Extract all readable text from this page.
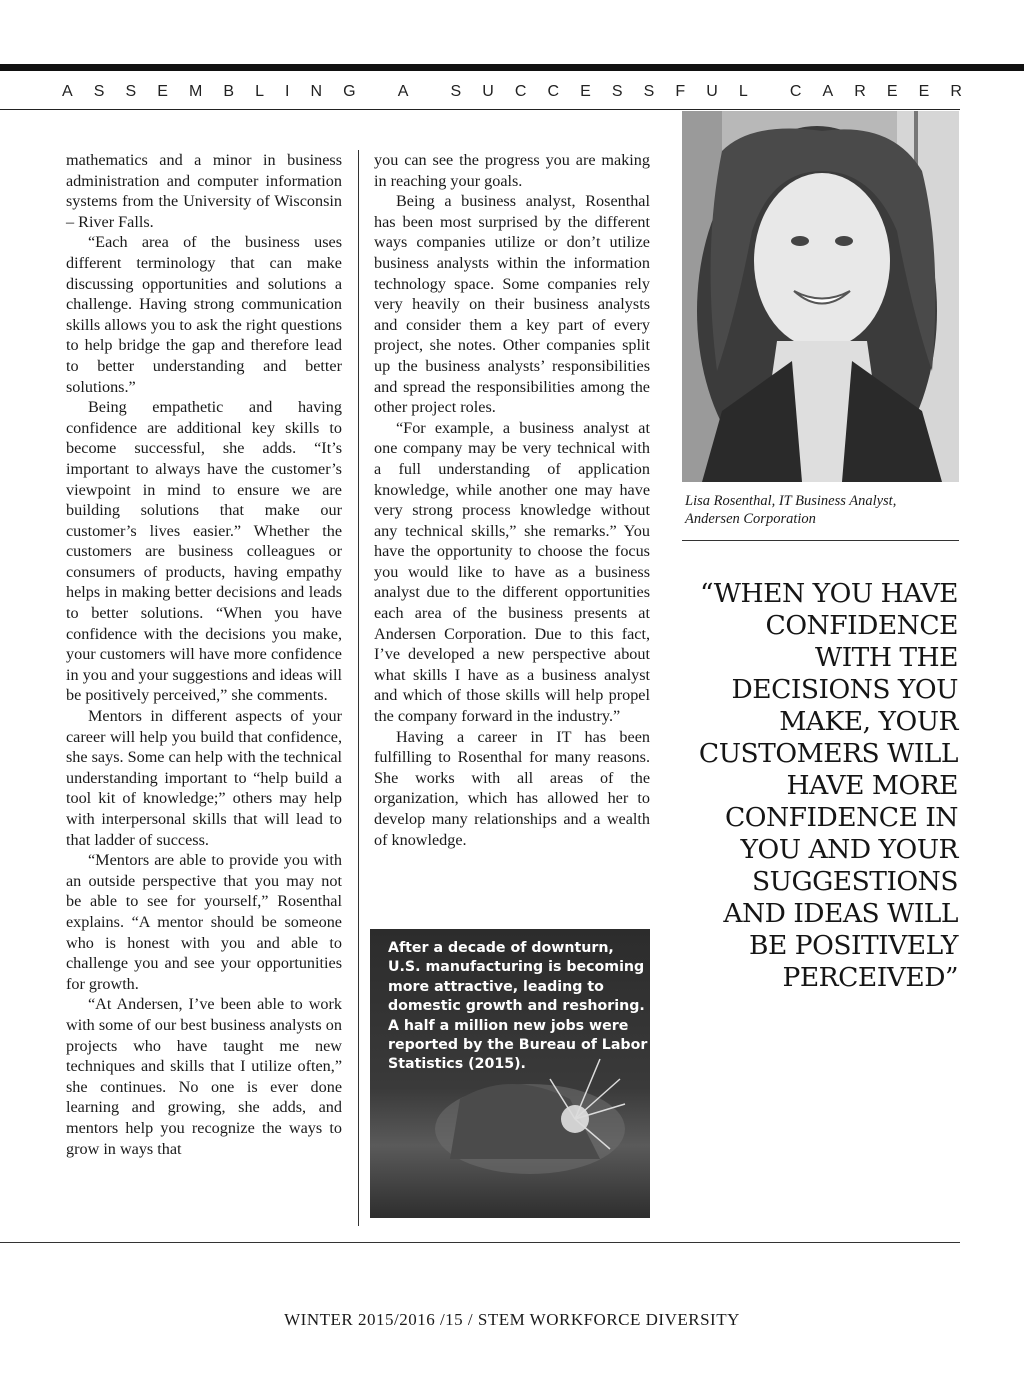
A S S E M B L I N G	A	S U C C E S S F U L	C A R E E R

mathematics and a minor in business administration and computer information systems from the University of Wisconsin – River Falls.

“Each area of the business uses different terminology that can make discussing opportunities and solutions a challenge. Having strong communication skills allows you to ask the right questions to help bridge the gap and therefore lead to better understanding and better solutions.”

Being empathetic and having confidence are additional key skills to become successful, she adds. “It’s important to always have the customer’s viewpoint in mind to ensure we are building solutions that make our customer’s lives easier.” Whether the customers are business colleagues or consumers of products, having empathy helps in making better decisions and leads to better solutions. “When you have confidence with the decisions you make, your customers will have more confidence in you and your suggestions and ideas will be positively perceived,” she comments.

Mentors in different aspects of your career will help you build that confidence, she says. Some can help with the technical understanding important to “help build a tool kit of knowledge;” others may help with interpersonal skills that will lead to that ladder of success.

“Mentors are able to provide you with an outside perspective that you may not be able to see for yourself,” Rosenthal explains. “A mentor should be someone who is honest with you and able to challenge you and see your opportunities for growth.

“At Andersen, I’ve been able to work with some of our best business analysts on projects who have taught me new techniques and skills that I utilize often,” she continues. No one is ever done learning and growing, she adds, and mentors help you recognize the ways to grow in ways that

you can see the progress you are making in reaching your goals.

Being a business analyst, Rosenthal has been most surprised by the different ways companies utilize or don’t utilize business analysts within the information technology space. Some companies rely very heavily on their business analysts and consider them a key part of every project, she notes. Other companies split up the business analysts’ responsibilities and spread the responsibilities among the other project roles.

“For example, a business analyst at one company may be very technical with a full understanding of application knowledge, while another one may have very strong process knowledge without any technical skills,” she remarks.” You have the opportunity to choose the focus you would like to have as a business analyst due to the different opportunities each area of the business presents at Andersen Corporation. Due to this fact, I’ve developed a new perspective about what skills I have as a business analyst and which of those skills will help propel the company forward in the industry.”

Having a career in IT has been fulfilling to Rosenthal for many reasons. She works with all areas of the organization, which has allowed her to develop many relationships and a wealth of knowledge.

Lisa Rosenthal, IT Business Analyst,
Andersen Corporation
“WHEN YOU HAVE CONFIDENCE WITH THE DECISIONS YOU MAKE, YOUR CUSTOMERS WILL HAVE MORE CONFIDENCE IN YOU AND YOUR SUGGESTIONS AND IDEAS WILL BE POSITIVELY PERCEIVED”
After a decade of downturn, U.S. manufacturing is becoming more attractive, leading to domestic growth and reshoring. A half a million new jobs were reported by the Bureau of Labor Statistics (2015).
www.forbes.com/sites/
forbesleadershipforum/2015
WINTER 2015/2016 /15 / STEM WORKFORCE DIVERSITY
